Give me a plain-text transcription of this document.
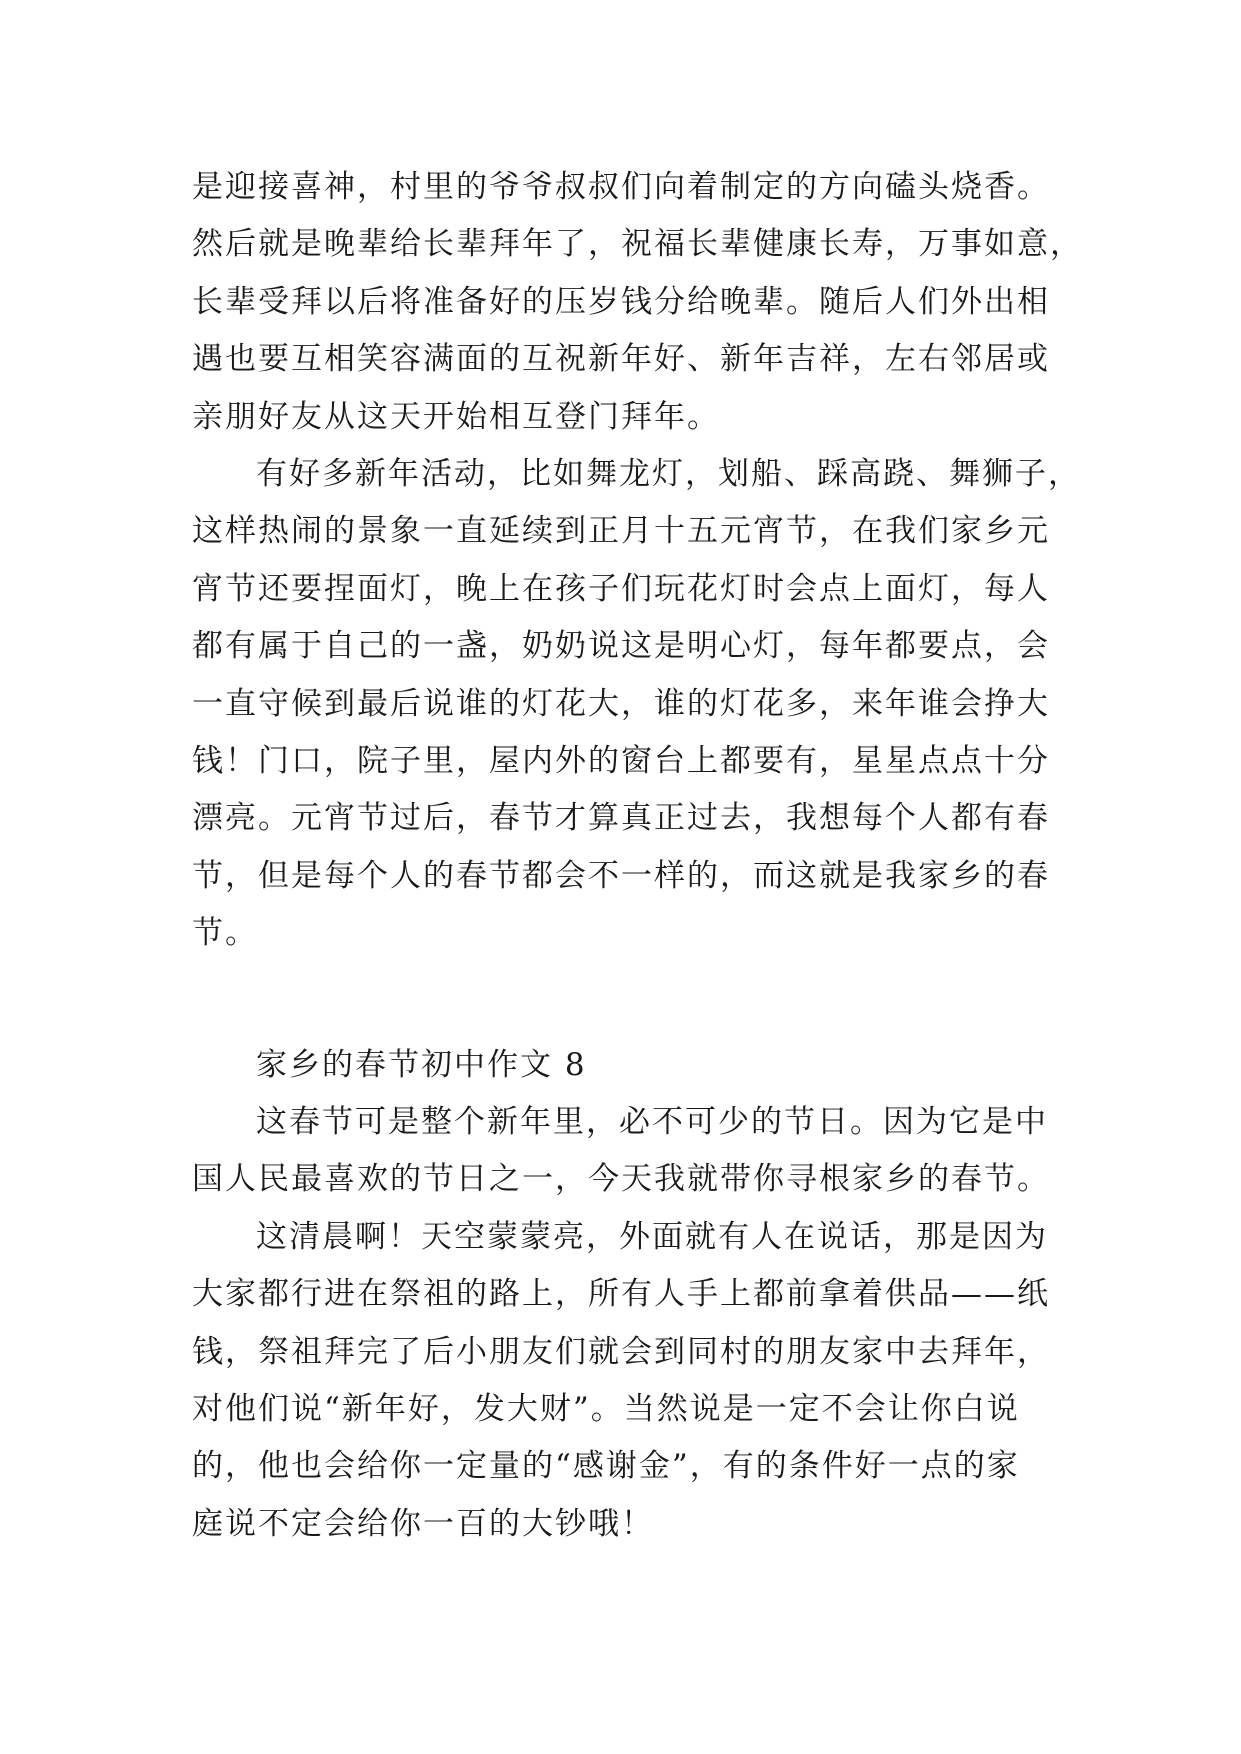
是迎接喜神，村里的爷爷叔叔们向着制定的方向磕头烧香。
然后就是晚辈给长辈拜年了，祝福长辈健康长寿，万事如意，
长辈受拜以后将准备好的压岁钱分给晚辈。随后人们外出相
遇也要互相笑容满面的互祝新年好、新年吉祥，左右邻居或
亲朋好友从这天开始相互登门拜年。
有好多新年活动，比如舞龙灯，划船、踩高跷、舞狮子，
这样热闹的景象一直延续到正月十五元宵节，在我们家乡元
宵节还要捏面灯，晚上在孩子们玩花灯时会点上面灯，每人
都有属于自己的一盏，奶奶说这是明心灯，每年都要点，会
一直守候到最后说谁的灯花大，谁的灯花多，来年谁会挣大
钱！门口，院子里，屋内外的窗台上都要有，星星点点十分
漂亮。元宵节过后，春节才算真正过去，我想每个人都有春
节，但是每个人的春节都会不一样的，而这就是我家乡的春
节。
家乡的春节初中作文 8
这春节可是整个新年里，必不可少的节日。因为它是中
国人民最喜欢的节日之一，今天我就带你寻根家乡的春节。
这清晨啊！天空蒙蒙亮，外面就有人在说话，那是因为
大家都行进在祭祖的路上，所有人手上都前拿着供品——纸
钱，祭祖拜完了后小朋友们就会到同村的朋友家中去拜年，
对他们说“新年好，发大财”。当然说是一定不会让你白说
的，他也会给你一定量的“感谢金”，有的条件好一点的家
庭说不定会给你一百的大钞哦！
